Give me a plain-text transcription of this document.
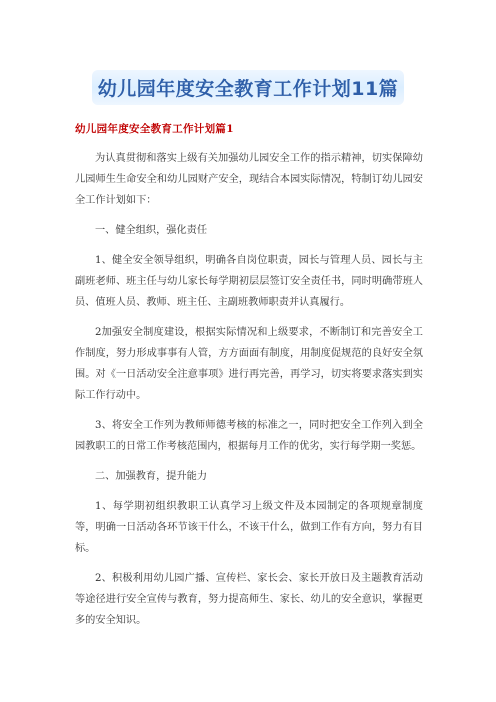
幼儿园年度安全教育工作计划11篇
幼儿园年度安全教育工作计划篇1

为认真贯彻和落实上级有关加强幼儿园安全工作的指示精神，切实保障幼儿园师生生命安全和幼儿园财产安全，现结合本园实际情况，特制订幼儿园安全工作计划如下：

一、健全组织，强化责任

1、健全安全领导组织，明确各自岗位职责，园长与管理人员、园长与主副班老师、班主任与幼儿家长每学期初层层签订安全责任书，同时明确带班人员、值班人员、教师、班主任、主副班教师职责并认真履行。

2加强安全制度建设，根据实际情况和上级要求，不断制订和完善安全工作制度，努力形成事事有人管，方方面面有制度，用制度促规范的良好安全氛围。对《一日活动安全注意事项》进行再完善，再学习，切实将要求落实到实际工作行动中。

3、将安全工作列为教师师德考核的标准之一，同时把安全工作列入到全园教职工的日常工作考核范围内，根据每月工作的优劣，实行每学期一奖惩。

二、加强教育，提升能力

1、每学期初组织教职工认真学习上级文件及本园制定的各项规章制度等，明确一日活动各环节该干什么，不该干什么，做到工作有方向，努力有目标。

2、积极利用幼儿园广播、宣传栏、家长会、家长开放日及主题教育活动等途径进行安全宣传与教育，努力提高师生、家长、幼儿的安全意识，掌握更多的安全知识。
